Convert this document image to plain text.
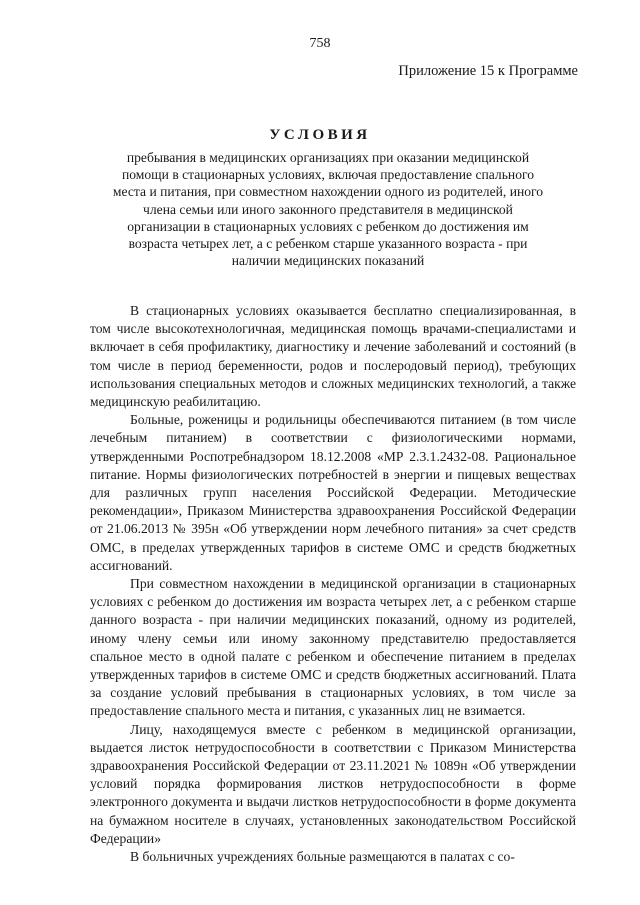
758
Приложение 15 к Программе
УСЛОВИЯ
пребывания в медицинских организациях при оказании медицинской помощи в стационарных условиях, включая предоставление спального места и питания, при совместном нахождении одного из родителей, иного члена семьи или иного законного представителя в медицинской организации в стационарных условиях с ребенком до достижения им возраста четырех лет, а с ребенком старше указанного возраста - при наличии медицинских показаний

В стационарных условиях оказывается бесплатно специализированная, в том числе высокотехнологичная, медицинская помощь врачами-специалистами и включает в себя профилактику, диагностику и лечение заболеваний и состояний (в том числе в период беременности, родов и послеродовый период), требующих использования специальных методов и сложных медицинских технологий, а также медицинскую реабилитацию.

Больные, роженицы и родильницы обеспечиваются питанием (в том числе лечебным питанием) в соответствии с физиологическими нормами, утвержденными Роспотребнадзором 18.12.2008 «МР 2.3.1.2432-08. Рациональное питание. Нормы физиологических потребностей в энергии и пищевых веществах для различных групп населения Российской Федерации. Методические рекомендации», Приказом Министерства здравоохранения Российской Федерации от 21.06.2013 № 395н «Об утверждении норм лечебного питания» за счет средств ОМС, в пределах утвержденных тарифов в системе ОМС и средств бюджетных ассигнований.

При совместном нахождении в медицинской организации в стационарных условиях с ребенком до достижения им возраста четырех лет, а с ребенком старше данного возраста - при наличии медицинских показаний, одному из родителей, иному члену семьи или иному законному представителю предоставляется спальное место в одной палате с ребенком и обеспечение питанием в пределах утвержденных тарифов в системе ОМС и средств бюджетных ассигнований. Плата за создание условий пребывания в стационарных условиях, в том числе за предоставление спального места и питания, с указанных лиц не взимается.

Лицу, находящемуся вместе с ребенком в медицинской организации, выдается листок нетрудоспособности в соответствии с Приказом Министерства здравоохранения Российской Федерации от 23.11.2021 № 1089н «Об утверждении условий порядка формирования листков нетрудоспособности в форме электронного документа и выдачи листков нетрудоспособности в форме документа на бумажном носителе в случаях, установленных законодательством Российской Федерации»

В больничных учреждениях больные размещаются в палатах с со-
